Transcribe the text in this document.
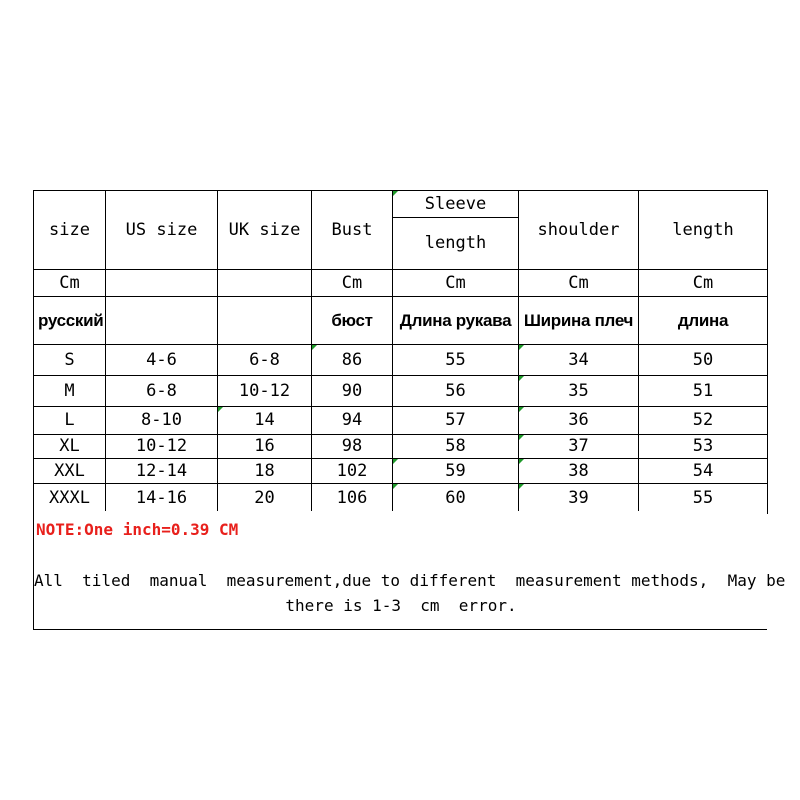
size	US size	UK size	Bust	Sleeve	shoulder	length
				length		
Cm			Cm	Cm	Cm	Cm
русский			бюст	Длина рукава	Ширина плеч	длина
S	4-6	6-8	86	55	34	50
M	6-8	10-12	90	56	35	51
L	8-10	14	94	57	36	52
XL	10-12	16	98	58	37	53
XXL	12-14	18	102	59	38	54
XXXL	14-16	20	106	60	39	55
NOTE:One inch=0.39 CM
All  tiled  manual  measurement,due to different  measurement methods,  May be
there is 1-3  cm  error.
